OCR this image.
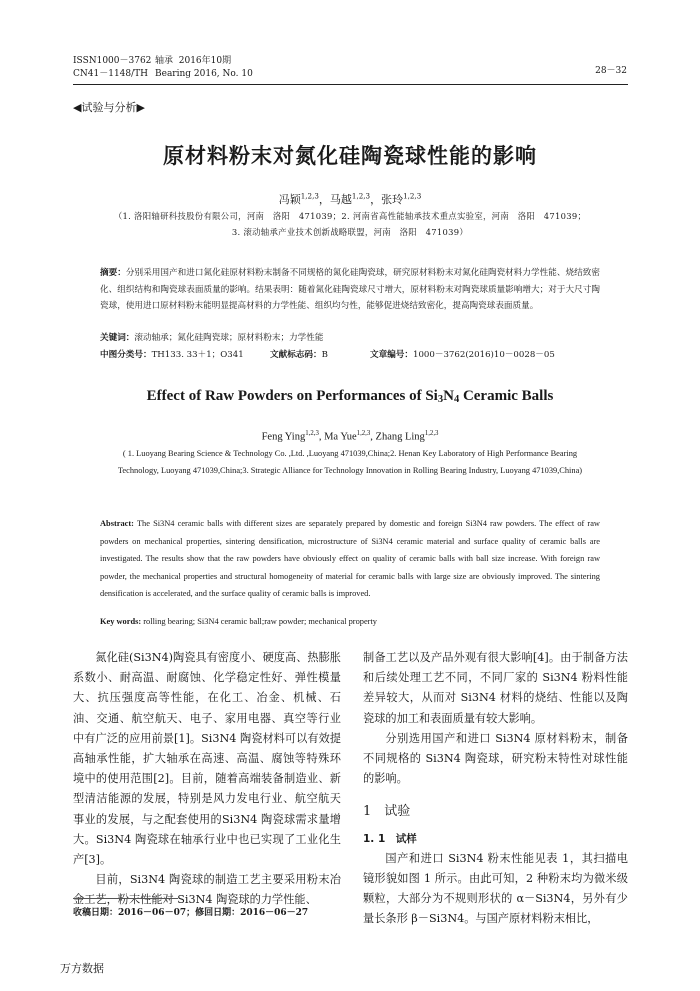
ISSN1000－3762 轴承 2016年10期
CN41－1148/TH Bearing 2016, No. 10	28－32
◀试验与分析▶
原材料粉末对氮化硅陶瓷球性能的影响
冯颖$^{1,2,3}$，马越$^{1,2,3}$，张玲$^{1,2,3}$
（1. 洛阳轴研科技股份有限公司，河南　洛阳　471039；2. 河南省高性能轴承技术重点实验室，河南　洛阳　471039；3. 滚动轴承产业技术创新战略联盟，河南　洛阳　471039）
摘要：分别采用国产和进口氮化硅原材料粉末制备不同规格的氮化硅陶瓷球，研究原材料粉末对氮化硅陶瓷材料力学性能、烧结致密化、组织结构和陶瓷球表面质量的影响。结果表明：随着氮化硅陶瓷球尺寸增大，原材料粉末对陶瓷球质量影响增大；对于大尺寸陶瓷球，使用进口原材料粉末能明显提高材料的力学性能、组织均匀性，能够促进烧结致密化，提高陶瓷球表面质量。
关键词：滚动轴承；氮化硅陶瓷球；原材料粉末；力学性能
中图分类号：TH133. 33＋1；O341	文献标志码：B	文章编号：1000－3762(2016)10－0028－05
Effect of Raw Powders on Performances of $Si_3N_4$ Ceramic Balls
Feng Ying$^{1,2,3}$, Ma Yue$^{1,2,3}$, Zhang Ling$^{1,2,3}$
( 1. Luoyang Bearing Science & Technology Co. ,Ltd. ,Luoyang 471039,China;2. Henan Key Laboratory of High Performance Bearing Technology, Luoyang 471039,China;3. Strategic Alliance for Technology Innovation in Rolling Bearing Industry, Luoyang 471039,China)
Abstract: The Si3N4 ceramic balls with different sizes are separately prepared by domestic and foreign Si3N4 raw powders. The effect of raw powders on mechanical properties, sintering densification, microstructure of Si3N4 ceramic material and surface quality of ceramic balls are investigated. The results show that the raw powders have obviously effect on quality of ceramic balls with ball size increase. With foreign raw powder, the mechanical properties and structural homogeneity of material for ceramic balls with large size are obviously improved. The sintering densification is accelerated, and the surface quality of ceramic balls is improved.
Key words: rolling bearing; Si3N4 ceramic ball;raw powder; mechanical property

氮化硅(Si3N4)陶瓷具有密度小、硬度高、热膨胀系数小、耐高温、耐腐蚀、化学稳定性好、弹性模量大、抗压强度高等性能，在化工、冶金、机械、石油、交通、航空航天、电子、家用电器、真空等行业中有广泛的应用前景[1]。Si3N4 陶瓷材料可以有效提高轴承性能，扩大轴承在高速、高温、腐蚀等特殊环境中的使用范围[2]。目前，随着高端装备制造业、新型清洁能源的发展，特别是风力发电行业、航空航天事业的发展，与之配套使用的Si3N4 陶瓷球需求量增大。Si3N4 陶瓷球在轴承行业中也已实现了工业化生产[3]。

目前，Si3N4 陶瓷球的制造工艺主要采用粉末冶金工艺，粉末性能对 Si3N4 陶瓷球的力学性能、

制备工艺以及产品外观有很大影响[4]。由于制备方法和后续处理工艺不同，不同厂家的 Si3N4 粉料性能差异较大，从而对 Si3N4 材料的烧结、性能以及陶瓷球的加工和表面质量有较大影响。

分别选用国产和进口 Si3N4 原材料粉末，制备不同规格的 Si3N4 陶瓷球，研究粉末特性对球性能的影响。

1　试验
1. 1　试样

国产和进口 Si3N4 粉末性能见表 1，其扫描电镜形貌如图 1 所示。由此可知，2 种粉末均为微米级颗粒，大部分为不规则形状的 α－Si3N4，另外有少量长条形 β－Si3N4。与国产原材料粉末相比，

收稿日期：2016－06－07；修回日期：2016－06－27
万方数据
